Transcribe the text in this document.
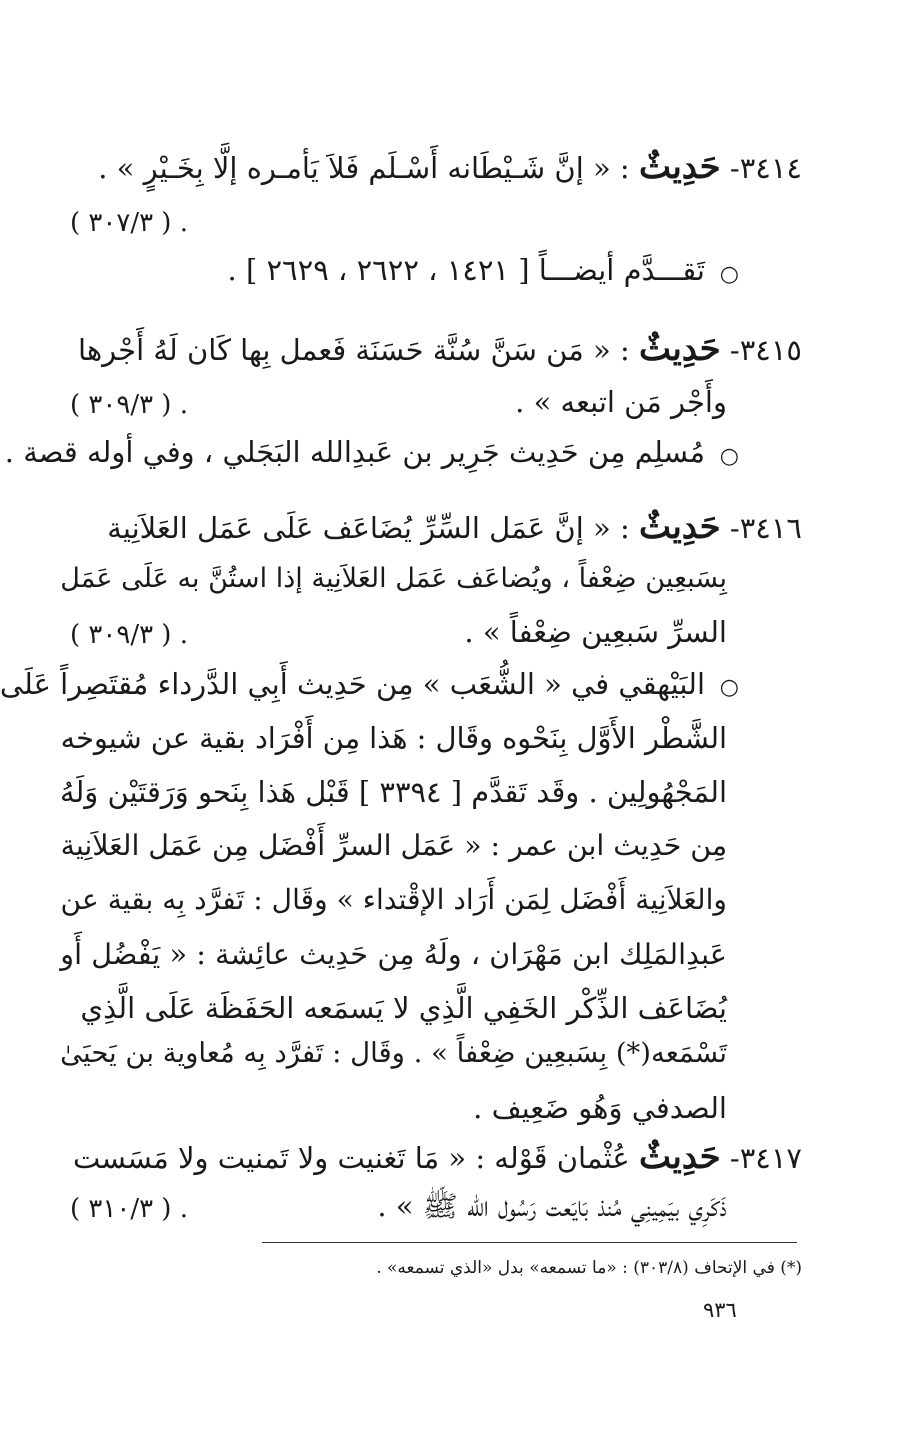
٣٤١٤- حَدِيثٌ : « إنَّ شَـيْطَانه أَسْـلَم فَلاَ يَأمـره إلَّا بِخَـيْرٍ » .
. ( ٣٠٧/٣ )
○
تَقـــدَّم أيضـــاً [ ١٤٢١ ، ٢٦٢٢ ، ٢٦٢٩ ] .
٣٤١٥- حَدِيثٌ : « مَن سَنَّ سُنَّة حَسَنَة فَعمل بِها كَان لَهُ أَجْرها
وأَجْر مَن اتبعه » .
. ( ٣٠٩/٣ )
○
مُسلِم مِن حَدِيث جَرِير بن عَبدِالله البَجَلي ، وفي أوله قصة .
٣٤١٦- حَدِيثٌ : « إنَّ عَمَل السِّرِّ يُضَاعَف عَلَى عَمَل العَلاَنِية
بِسَبعِين ضِعْفاً ، ويُضاعَف عَمَل العَلاَنِية إذا استُنَّ به عَلَى عَمَل
السرِّ سَبعِين ضِعْفاً » .
. ( ٣٠٩/٣ )
○
البَيْهقي في « الشُّعَب » مِن حَدِيث أَبِي الدَّرداء مُقتَصِراً عَلَى
الشَّطْر الأَوَّل بِنَحْوه وقَال : هَذا مِن أَفْرَاد بقية عن شيوخه
المَجْهُولِين . وقَد تَقدَّم [ ٣٣٩٤ ] قَبْل هَذا بِنَحو وَرَقتَيْن وَلَهُ
مِن حَدِيث ابن عمر : « عَمَل السرِّ أَفْضَل مِن عَمَل العَلاَنِية
والعَلاَنِية أَفْضَل لِمَن أَرَاد الإقْتداء » وقَال : تَفرَّد بِه بقية عن
عَبدِالمَلِك ابن مَهْرَان ، ولَهُ مِن حَدِيث عائِشة : « يَفْضُل أَو
يُضَاعَف الذِّكْر الخَفِي الَّذِي لا يَسمَعه الحَفَظَة عَلَى الَّذِي
تَسْمَعه(*) بِسَبعِين ضِعْفاً » . وقَال : تَفرَّد بِه مُعاوية بن يَحيَىٰ
الصدفي وَهُو ضَعِيف .
٣٤١٧- حَدِيثٌ عُثْمان قَوْله : « مَا تَغنيت ولا تَمنيت ولا مَسَست
ذَكَرِي بيَمِينِي مُنذ بَايَعت رَسُول الله ﷺ » .
. ( ٣١٠/٣ )
(*) في الإتحاف (٣٠٣/٨) : «ما تسمعه» بدل «الذي تسمعه» .
٩٣٦
